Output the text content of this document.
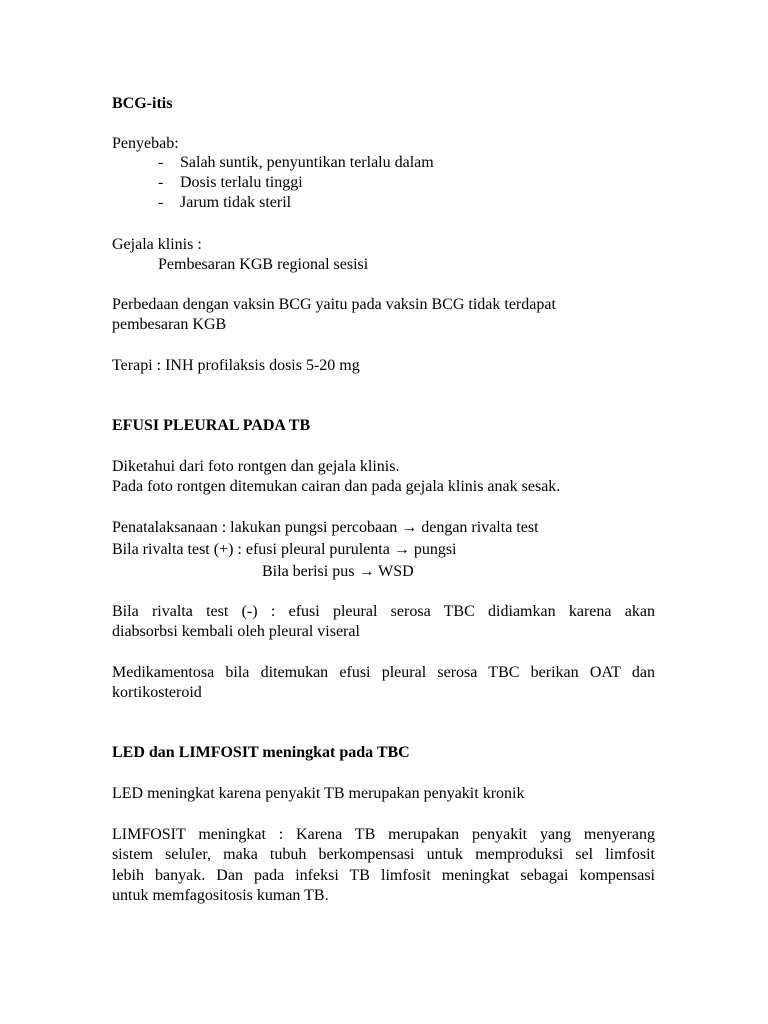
BCG-itis
Penyebab:
- Salah suntik, penyuntikan terlalu dalam
- Dosis terlalu tinggi
- Jarum tidak steril
Gejala klinis :
Pembesaran KGB regional sesisi
Perbedaan dengan vaksin BCG yaitu pada vaksin BCG tidak terdapat
pembesaran KGB
Terapi : INH profilaksis dosis 5-20 mg
EFUSI PLEURAL PADA TB
Diketahui dari foto rontgen dan gejala klinis.
Pada foto rontgen ditemukan cairan dan pada gejala klinis anak sesak.
Penatalaksanaan : lakukan pungsi percobaan → dengan rivalta test
Bila rivalta test (+) : efusi pleural purulenta → pungsi
Bila berisi pus → WSD
Bila rivalta test (-) : efusi pleural serosa TBC didiamkan karena akan
diabsorbsi kembali oleh pleural viseral
Medikamentosa bila ditemukan efusi pleural serosa TBC berikan OAT dan
kortikosteroid
LED dan LIMFOSIT meningkat pada TBC
LED meningkat karena penyakit TB merupakan penyakit kronik
LIMFOSIT meningkat : Karena TB merupakan penyakit yang menyerang
sistem seluler, maka tubuh berkompensasi untuk memproduksi sel limfosit
lebih banyak. Dan pada infeksi TB limfosit meningkat sebagai kompensasi
untuk memfagositosis kuman TB.
